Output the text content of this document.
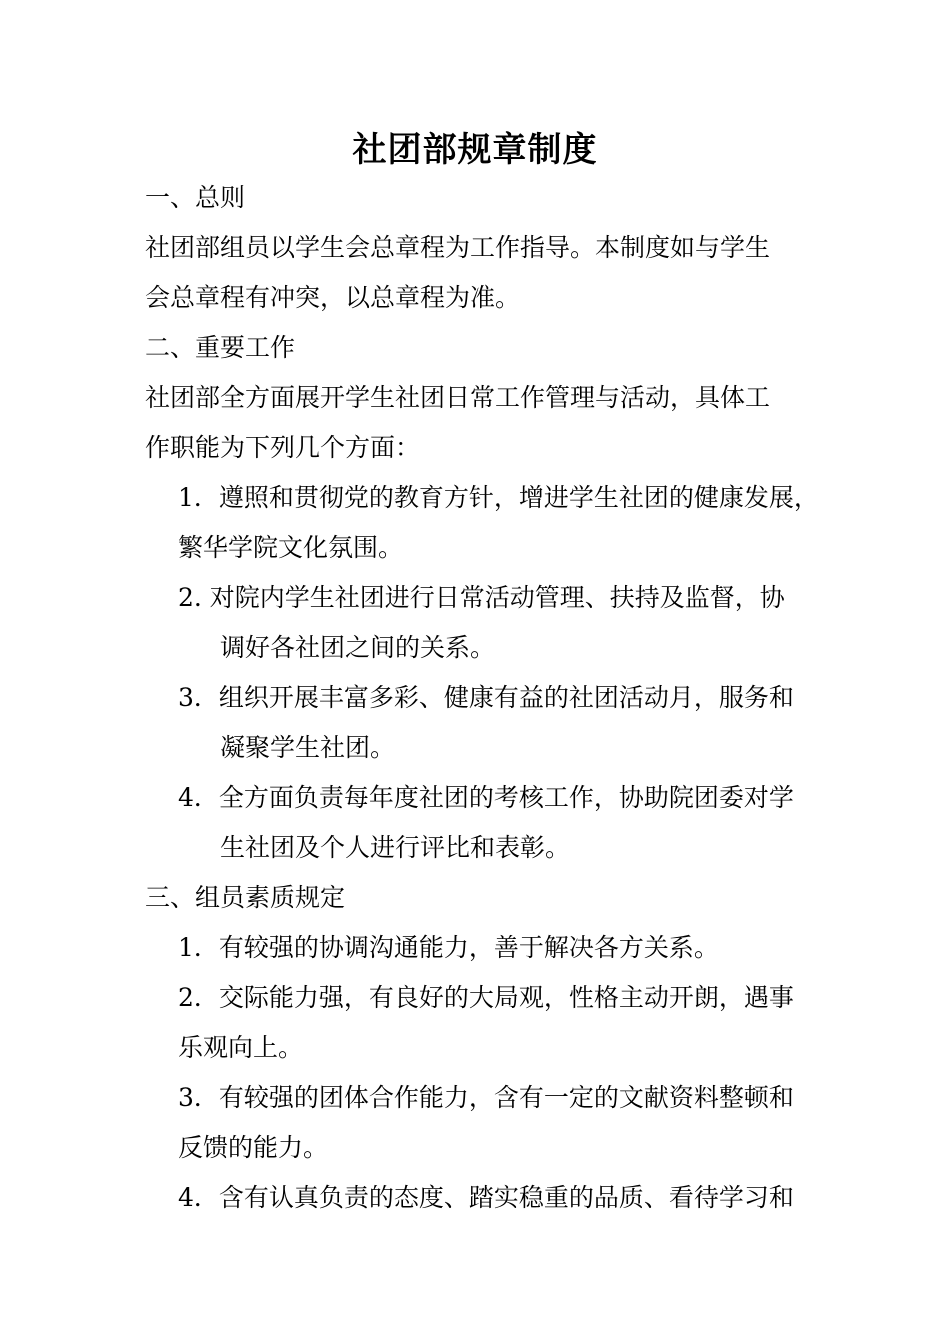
社团部规章制度
一、总则
社团部组员以学生会总章程为工作指导。本制度如与学生
会总章程有冲突，以总章程为准。
二、重要工作
社团部全方面展开学生社团日常工作管理与活动，具体工
作职能为下列几个方面：
1．遵照和贯彻党的教育方针，增进学生社团的健康发展，
繁华学院文化氛围。
2. 对院内学生社团进行日常活动管理、扶持及监督，协
调好各社团之间的关系。
3．组织开展丰富多彩、健康有益的社团活动月，服务和
凝聚学生社团。
4．全方面负责每年度社团的考核工作，协助院团委对学
生社团及个人进行评比和表彰。
三、组员素质规定
1．有较强的协调沟通能力，善于解决各方关系。
2．交际能力强，有良好的大局观，性格主动开朗，遇事
乐观向上。
3．有较强的团体合作能力，含有一定的文献资料整顿和
反馈的能力。
4．含有认真负责的态度、踏实稳重的品质、看待学习和
